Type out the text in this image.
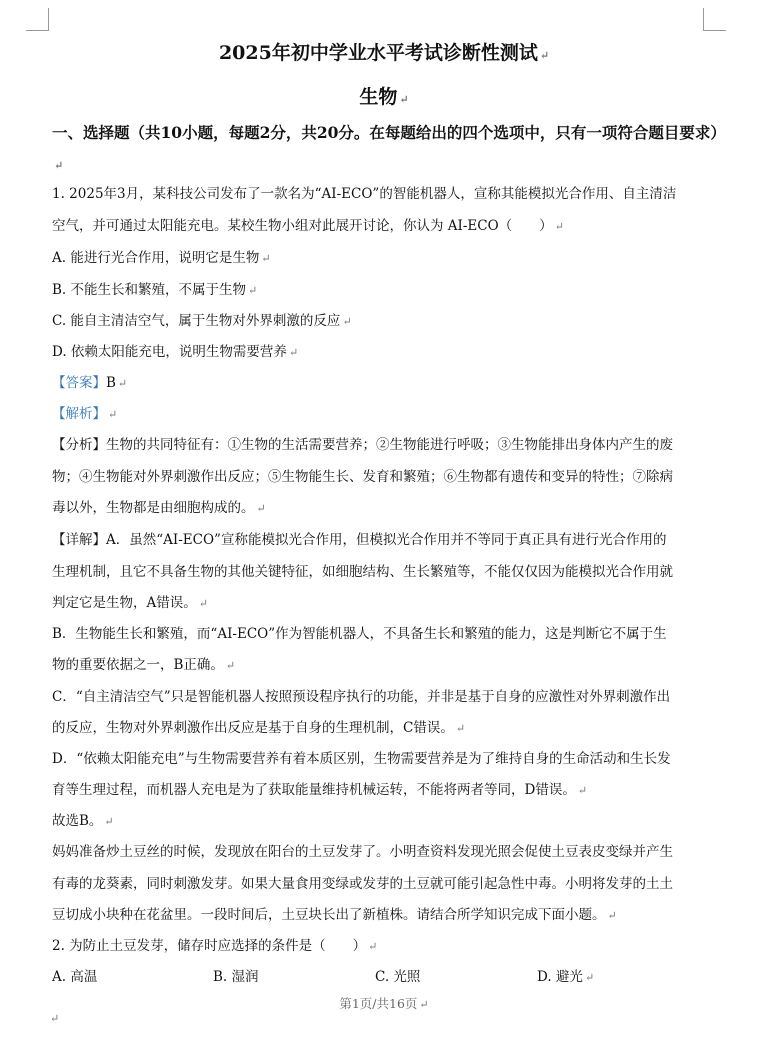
2025年初中学业水平考试诊断性测试 ↵
生物 ↵
一、选择题（共10小题，每题2分，共20分。在每题给出的四个选项中，只有一项符合题目要求）↵
1. 2025年3月，某科技公司发布了一款名为“AI-ECO”的智能机器人，宣称其能模拟光合作用、自主清洁
空气，并可通过太阳能充电。某校生物小组对此展开讨论，你认为 AI-ECO（　　） ↵
A. 能进行光合作用，说明它是生物 ↵
B. 不能生长和繁殖，不属于生物 ↵
C. 能自主清洁空气，属于生物对外界刺激的反应 ↵
D. 依赖太阳能充电，说明生物需要营养 ↵
【答案】B ↵
【解析】 ↵
【分析】生物的共同特征有：①生物的生活需要营养；②生物能进行呼吸；③生物能排出身体内产生的废
物；④生物能对外界刺激作出反应；⑤生物能生长、发育和繁殖；⑥生物都有遗传和变异的特性；⑦除病
毒以外，生物都是由细胞构成的。 ↵
【详解】A．虽然“AI-ECO”宣称能模拟光合作用，但模拟光合作用并不等同于真正具有进行光合作用的
生理机制，且它不具备生物的其他关键特征，如细胞结构、生长繁殖等，不能仅仅因为能模拟光合作用就
判定它是生物，A错误。 ↵
B．生物能生长和繁殖，而“AI-ECO”作为智能机器人，不具备生长和繁殖的能力，这是判断它不属于生
物的重要依据之一，B正确。 ↵
C．“自主清洁空气”只是智能机器人按照预设程序执行的功能，并非是基于自身的应激性对外界刺激作出
的反应，生物对外界刺激作出反应是基于自身的生理机制，C错误。 ↵
D．“依赖太阳能充电”与生物需要营养有着本质区别，生物需要营养是为了维持自身的生命活动和生长发
育等生理过程，而机器人充电是为了获取能量维持机械运转，不能将两者等同，D错误。 ↵
故选B。 ↵
妈妈准备炒土豆丝的时候，发现放在阳台的土豆发芽了。小明查资料发现光照会促使土豆表皮变绿并产生
有毒的龙葵素，同时刺激发芽。如果大量食用变绿或发芽的土豆就可能引起急性中毒。小明将发芽的土土
豆切成小块种在花盆里。一段时间后，土豆块长出了新植株。请结合所学知识完成下面小题。 ↵
2. 为防止土豆发芽，储存时应选择的条件是（　　） ↵
A. 高温	B. 湿润	C. 光照	D. 避光 ↵
第1页/共16页 ↵
↵
